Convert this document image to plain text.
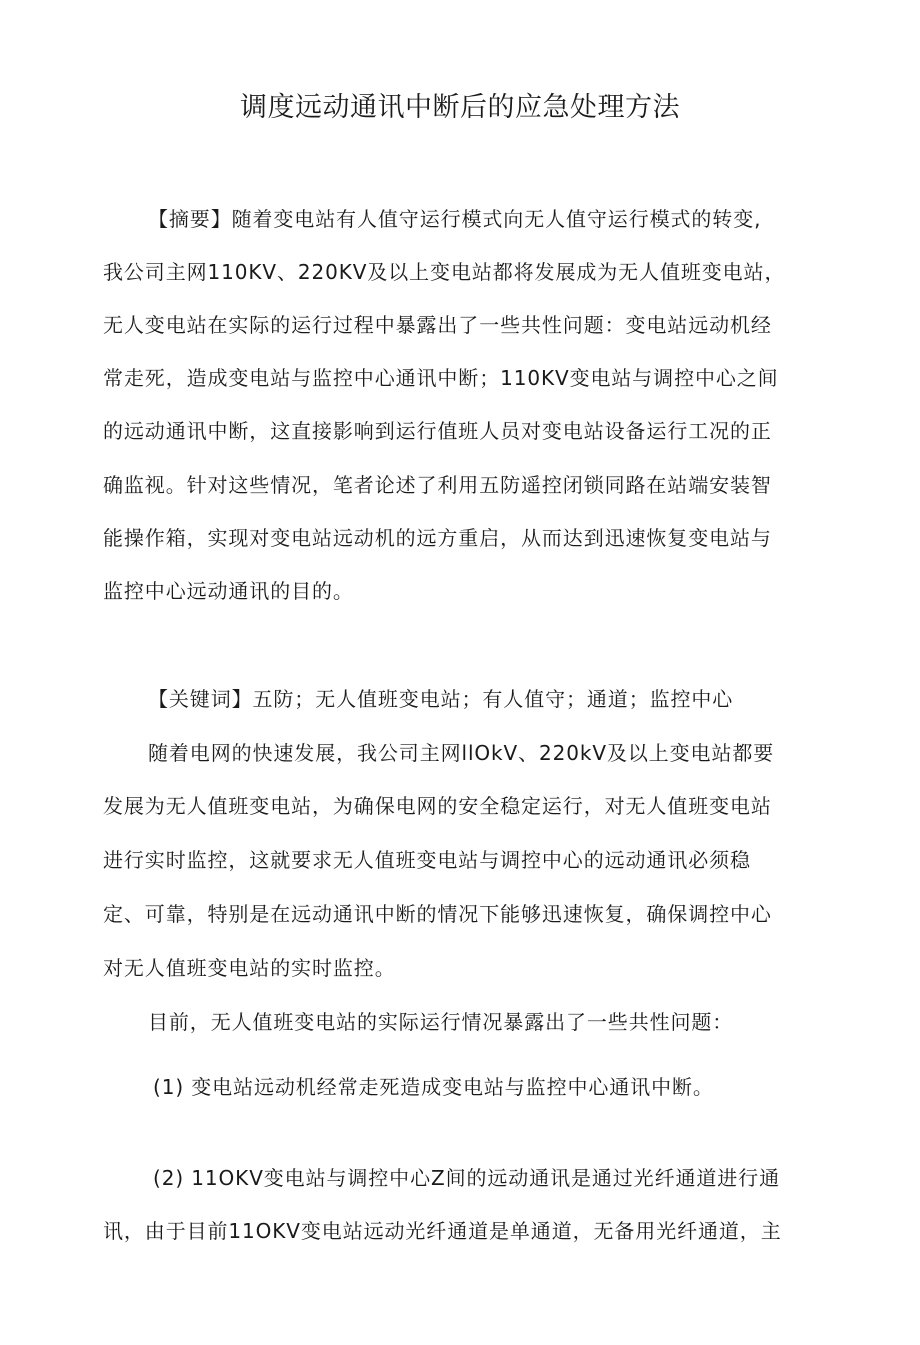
调度远动通讯中断后的应急处理方法
【摘要】随着变电站有人值守运行模式向无人值守运行模式的转变,
我公司主网110KV、220KV及以上变电站都将发展成为无人值班变电站，
无人变电站在实际的运行过程中暴露出了一些共性问题：变电站远动机经
常走死，造成变电站与监控中心通讯中断；110KV变电站与调控中心之间
的远动通讯中断，这直接影响到运行值班人员对变电站设备运行工况的正
确监视。针对这些情况，笔者论述了利用五防遥控闭锁同路在站端安装智
能操作箱，实现对变电站远动机的远方重启，从而达到迅速恢复变电站与
监控中心远动通讯的目的。
【关键词】五防；无人值班变电站；有人值守；通道；监控中心
随着电网的快速发展，我公司主网llOkV、220kV及以上变电站都要
发展为无人值班变电站，为确保电网的安全稳定运行，对无人值班变电站
进行实时监控，这就要求无人值班变电站与调控中心的远动通讯必须稳
定、可靠，特别是在远动通讯中断的情况下能够迅速恢复，确保调控中心
对无人值班变电站的实时监控。
目前，无人值班变电站的实际运行情况暴露出了一些共性问题：
(1) 变电站远动机经常走死造成变电站与监控中心通讯中断。
(2) 11OKV变电站与调控中心Z间的远动通讯是通过光纤通道进行通
讯，由于目前11OKV变电站远动光纤通道是单通道，无备用光纤通道，主
